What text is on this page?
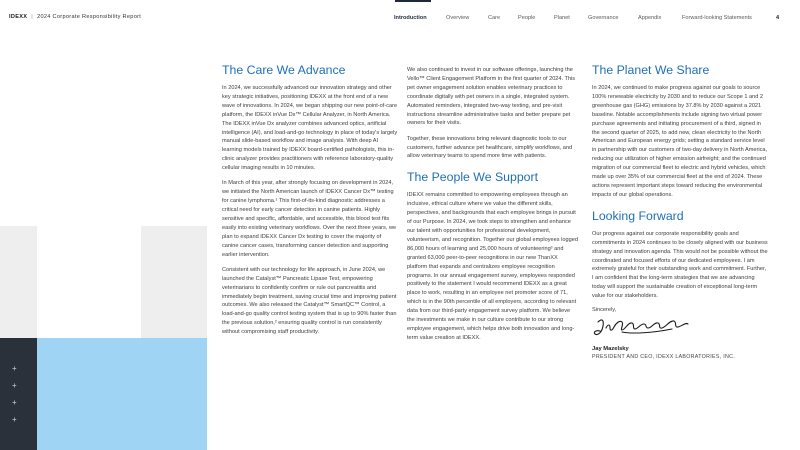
IDEXX | 2024 Corporate Responsibility Report	Introduction	Overview	Care	People	Planet	Governance	Appendix	Forward-looking Statements	4
+
+
+
+
The Care We Advance

In 2024, we successfully advanced our innovation strategy and other key strategic initiatives, positioning IDEXX at the front end of a new wave of innovations. In 2024, we began shipping our new point-of-care platform, the IDEXX inVue Dx™ Cellular Analyzer, in North America. The IDEXX inVue Dx analyzer combines advanced optics, artificial intelligence (AI), and load-and-go technology in place of today's largely manual slide-based workflow and image analysis. With deep AI learning models trained by IDEXX board-certified pathologists, this in-clinic analyzer provides practitioners with reference laboratory-quality cellular imaging results in 10 minutes.

In March of this year, after strongly focusing on development in 2024, we initiated the North American launch of IDEXX Cancer Dx™ testing for canine lymphoma.¹ This first-of-its-kind diagnostic addresses a critical need for early cancer detection in canine patients. Highly sensitive and specific, affordable, and accessible, this blood test fits easily into existing veterinary workflows. Over the next three years, we plan to expand IDEXX Cancer Dx testing to cover the majority of canine cancer cases, transforming cancer detection and supporting earlier intervention.

Consistent with our technology for life approach, in June 2024, we launched the Catalyst™ Pancreatic Lipase Test, empowering veterinarians to confidently confirm or rule out pancreatitis and immediately begin treatment, saving crucial time and improving patient outcomes. We also released the Catalyst™ SmartQC™ Control, a load-and-go quality control testing system that is up to 90% faster than the previous solution,² ensuring quality control is run consistently without compromising staff productivity.

We also continued to invest in our software offerings, launching the Vello™ Client Engagement Platform in the first quarter of 2024. This pet owner engagement solution enables veterinary practices to coordinate digitally with pet owners in a single, integrated system. Automated reminders, integrated two-way texting, and pre-visit instructions streamline administrative tasks and better prepare pet owners for their visits.

Together, these innovations bring relevant diagnostic tools to our customers, further advance pet healthcare, simplify workflows, and allow veterinary teams to spend more time with patients.

The People We Support

IDEXX remains committed to empowering employees through an inclusive, ethical culture where we value the different skills, perspectives, and backgrounds that each employee brings in pursuit of our Purpose. In 2024, we took steps to strengthen and enhance our talent with opportunities for professional development, volunteerism, and recognition. Together our global employees logged 86,000 hours of learning and 25,000 hours of volunteering³ and granted 63,000 peer-to-peer recognitions in our new ThanXX platform that expands and centralizes employee recognition programs. In our annual engagement survey, employees responded positively to the statement I would recommend IDEXX as a great place to work, resulting in an employee net promoter score of 71, which is in the 90th percentile of all employers, according to relevant data from our third-party engagement survey platform. We believe the investments we make in our culture contribute to our strong employee engagement, which helps drive both innovation and long-term value creation at IDEXX.

The Planet We Share

In 2024, we continued to make progress against our goals to source 100% renewable electricity by 2030 and to reduce our Scope 1 and 2 greenhouse gas (GHG) emissions by 37.8% by 2030 against a 2021 baseline. Notable accomplishments include signing two virtual power purchase agreements and initiating procurement of a third, signed in the second quarter of 2025, to add new, clean electricity to the North American and European energy grids; setting a standard service level in partnership with our customers of two-day delivery in North America, reducing our utilization of higher emission airfreight; and the continued migration of our commercial fleet to electric and hybrid vehicles, which made up over 35% of our commercial fleet at the end of 2024. These actions represent important steps toward reducing the environmental impacts of our global operations.

Looking Forward

Our progress against our corporate responsibility goals and commitments in 2024 continues to be closely aligned with our business strategy and innovation agenda. This would not be possible without the coordinated and focused efforts of our dedicated employees. I am extremely grateful for their outstanding work and commitment. Further, I am confident that the long-term strategies that we are advancing today will support the sustainable creation of exceptional long-term value for our stakeholders.

Sincerely,
Jay Mazelsky
PRESIDENT AND CEO, IDEXX LABORATORIES, INC.
